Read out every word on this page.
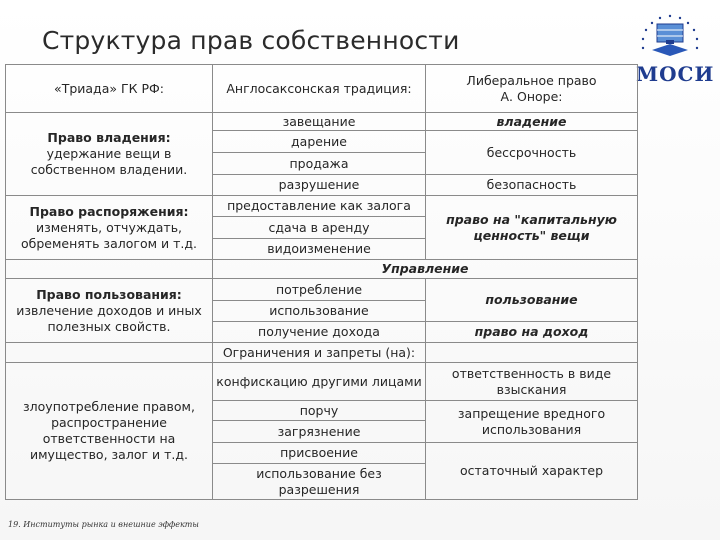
Структура прав собственности
МОСИ
«Триада» ГК РФ:	Англосаксонская традиция:	Либеральное право
А. Оноре:
Право владения:
удержание вещи в собственном владении.	завещание	владение
	дарение	бессрочность
	продажа	
	разрушение	безопасность
Право распоряжения:
изменять, отчуждать, обременять залогом и т.д.	предоставление как залога	право на "капитальную ценность" вещи
	сдача в аренду	
	видоизменение	
	Управление	
Право пользования:
извлечение доходов и иных полезных свойств.	потребление	пользование
	использование	
	получение дохода	право на доход
	Ограничения и запреты (на):	
злоупотребление правом, распространение ответственности на имущество, залог и т.д.	конфискацию другими лицами	ответственность в виде взыскания
	порчу	запрещение вредного использования
	загрязнение	
	присвоение	остаточный характер
	использование без разрешения	
19. Институты рынка и внешние эффекты
